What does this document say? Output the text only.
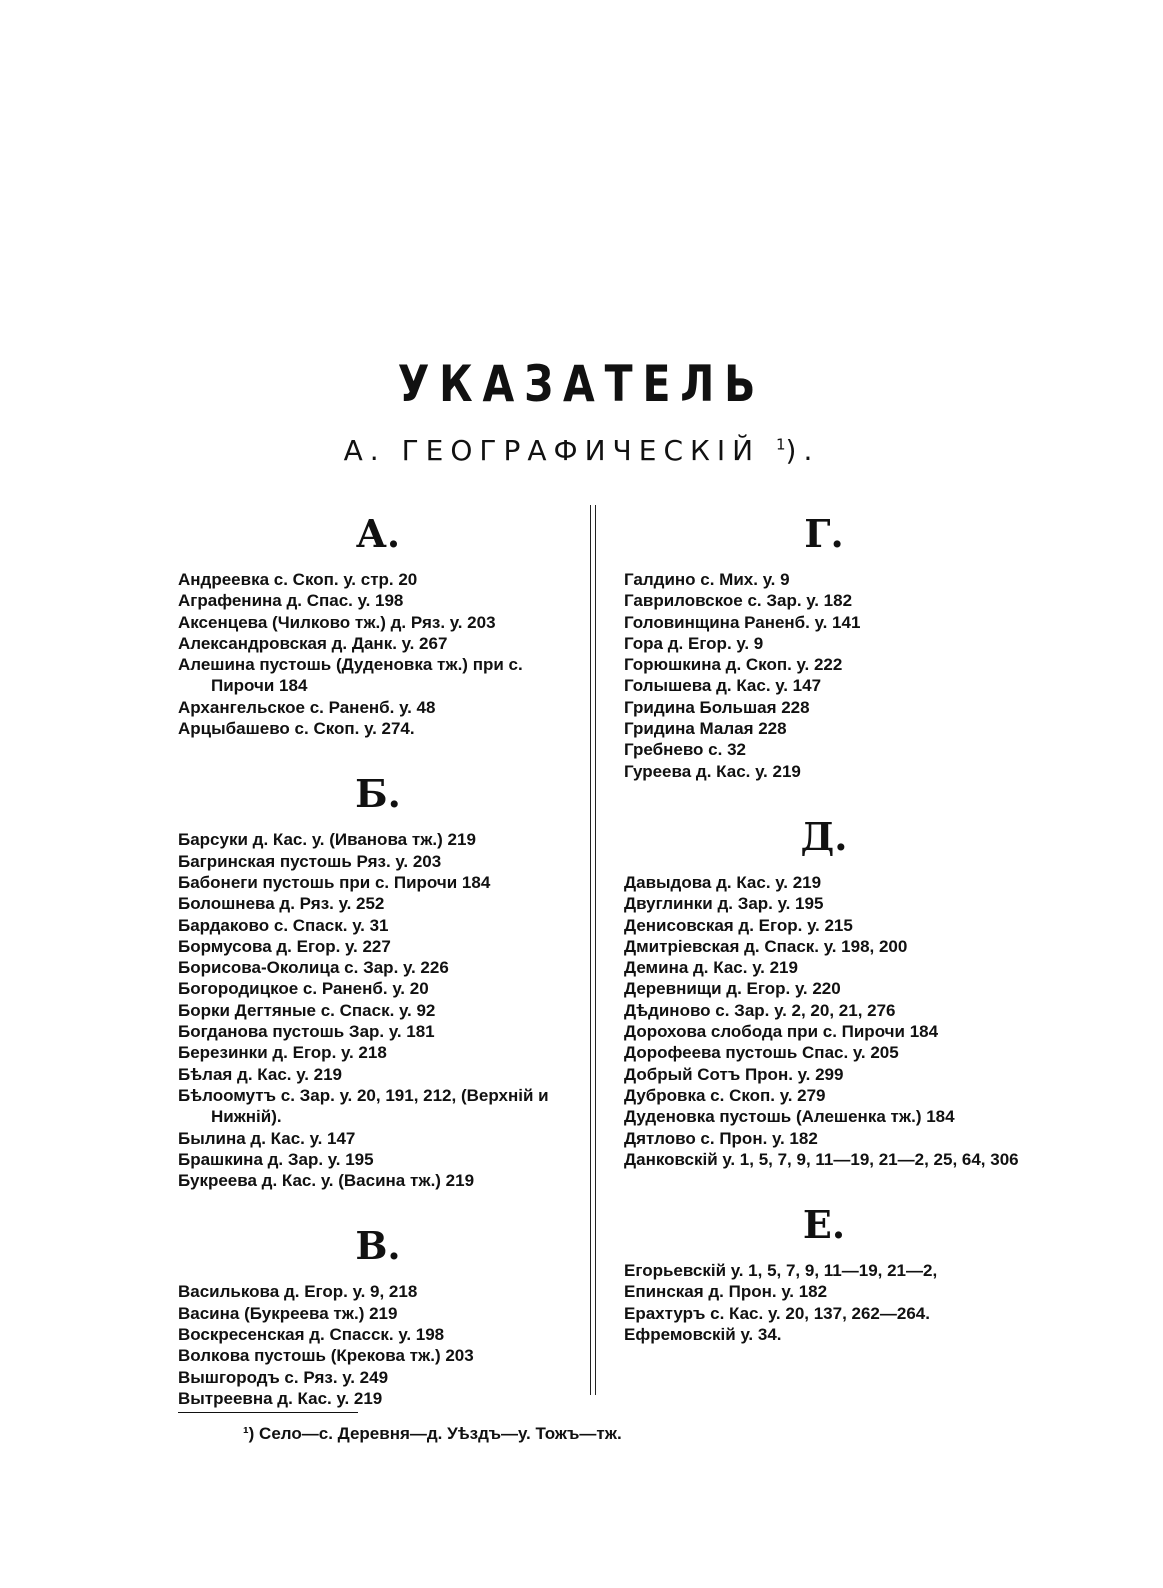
УКАЗАТЕЛЬ
А. ГЕОГРАФИЧЕСКІЙ $^1$).
А.
Андреевка с. Скоп. у. стр. 20
Аграфенина д. Спас. у. 198
Аксенцева (Чилково тж.) д. Ряз. у. 203
Александровская д. Данк. у. 267
Алешина пустошь (Дуденовка тж.) при с. Пирочи 184
Архангельское с. Раненб. у. 48
Арцыбашево с. Скоп. у. 274.
Б.
Барсуки д. Кас. у. (Иванова тж.) 219
Багринская пустошь Ряз. у. 203
Бабонеги пустошь при с. Пирочи 184
Болошнева д. Ряз. у. 252
Бардаково с. Спаск. у. 31
Бормусова д. Егор. у. 227
Борисова-Околица с. Зар. у. 226
Богородицкое с. Раненб. у. 20
Борки Дегтяные с. Спаск. у. 92
Богданова пустошь Зар. у. 181
Березинки д. Егор. у. 218
Бѣлая д. Кас. у. 219
Бѣлоомутъ с. Зар. у. 20, 191, 212, (Верхній и Нижній).
Былина д. Кас. у. 147
Брашкина д. Зар. у. 195
Букреева д. Кас. у. (Васина тж.) 219
В.
Василькова д. Егор. у. 9, 218
Васина (Букреева тж.) 219
Воскресенская д. Спасск. у. 198
Волкова пустошь (Крекова тж.) 203
Вышгородъ с. Ряз. у. 249
Вытреевна д. Кас. у. 219
Г.
Галдино с. Мих. у. 9
Гавриловское с. Зар. у. 182
Головинщина Раненб. у. 141
Гора д. Егор. у. 9
Горюшкина д. Скоп. у. 222
Голышева д. Кас. у. 147
Гридина Большая 228
Гридина Малая 228
Гребнево с. 32
Гуреева д. Кас. у. 219
Д.
Давыдова д. Кас. у. 219
Двуглинки д. Зар. у. 195
Денисовская д. Егор. у. 215
Дмитріевская д. Спаск. у. 198, 200
Демина д. Кас. у. 219
Деревнищи д. Егор. у. 220
Дѣдиново с. Зар. у. 2, 20, 21, 276
Дорохова слобода при с. Пирочи 184
Дорофеева пустошь Спас. у. 205
Добрый Сотъ Прон. у. 299
Дубровка с. Скоп. у. 279
Дуденовка пустошь (Алешенка тж.) 184
Дятлово с. Прон. у. 182
Данковскій у. 1, 5, 7, 9, 11—19, 21—2, 25, 64, 306
Е.
Егорьевскій у. 1, 5, 7, 9, 11—19, 21—2,
Епинская д. Прон. у. 182
Ерахтуръ с. Кас. у. 20, 137, 262—264.
Ефремовскій у. 34.
¹) Село—с. Деревня—д. Уѣздъ—у. Тожъ—тж.
